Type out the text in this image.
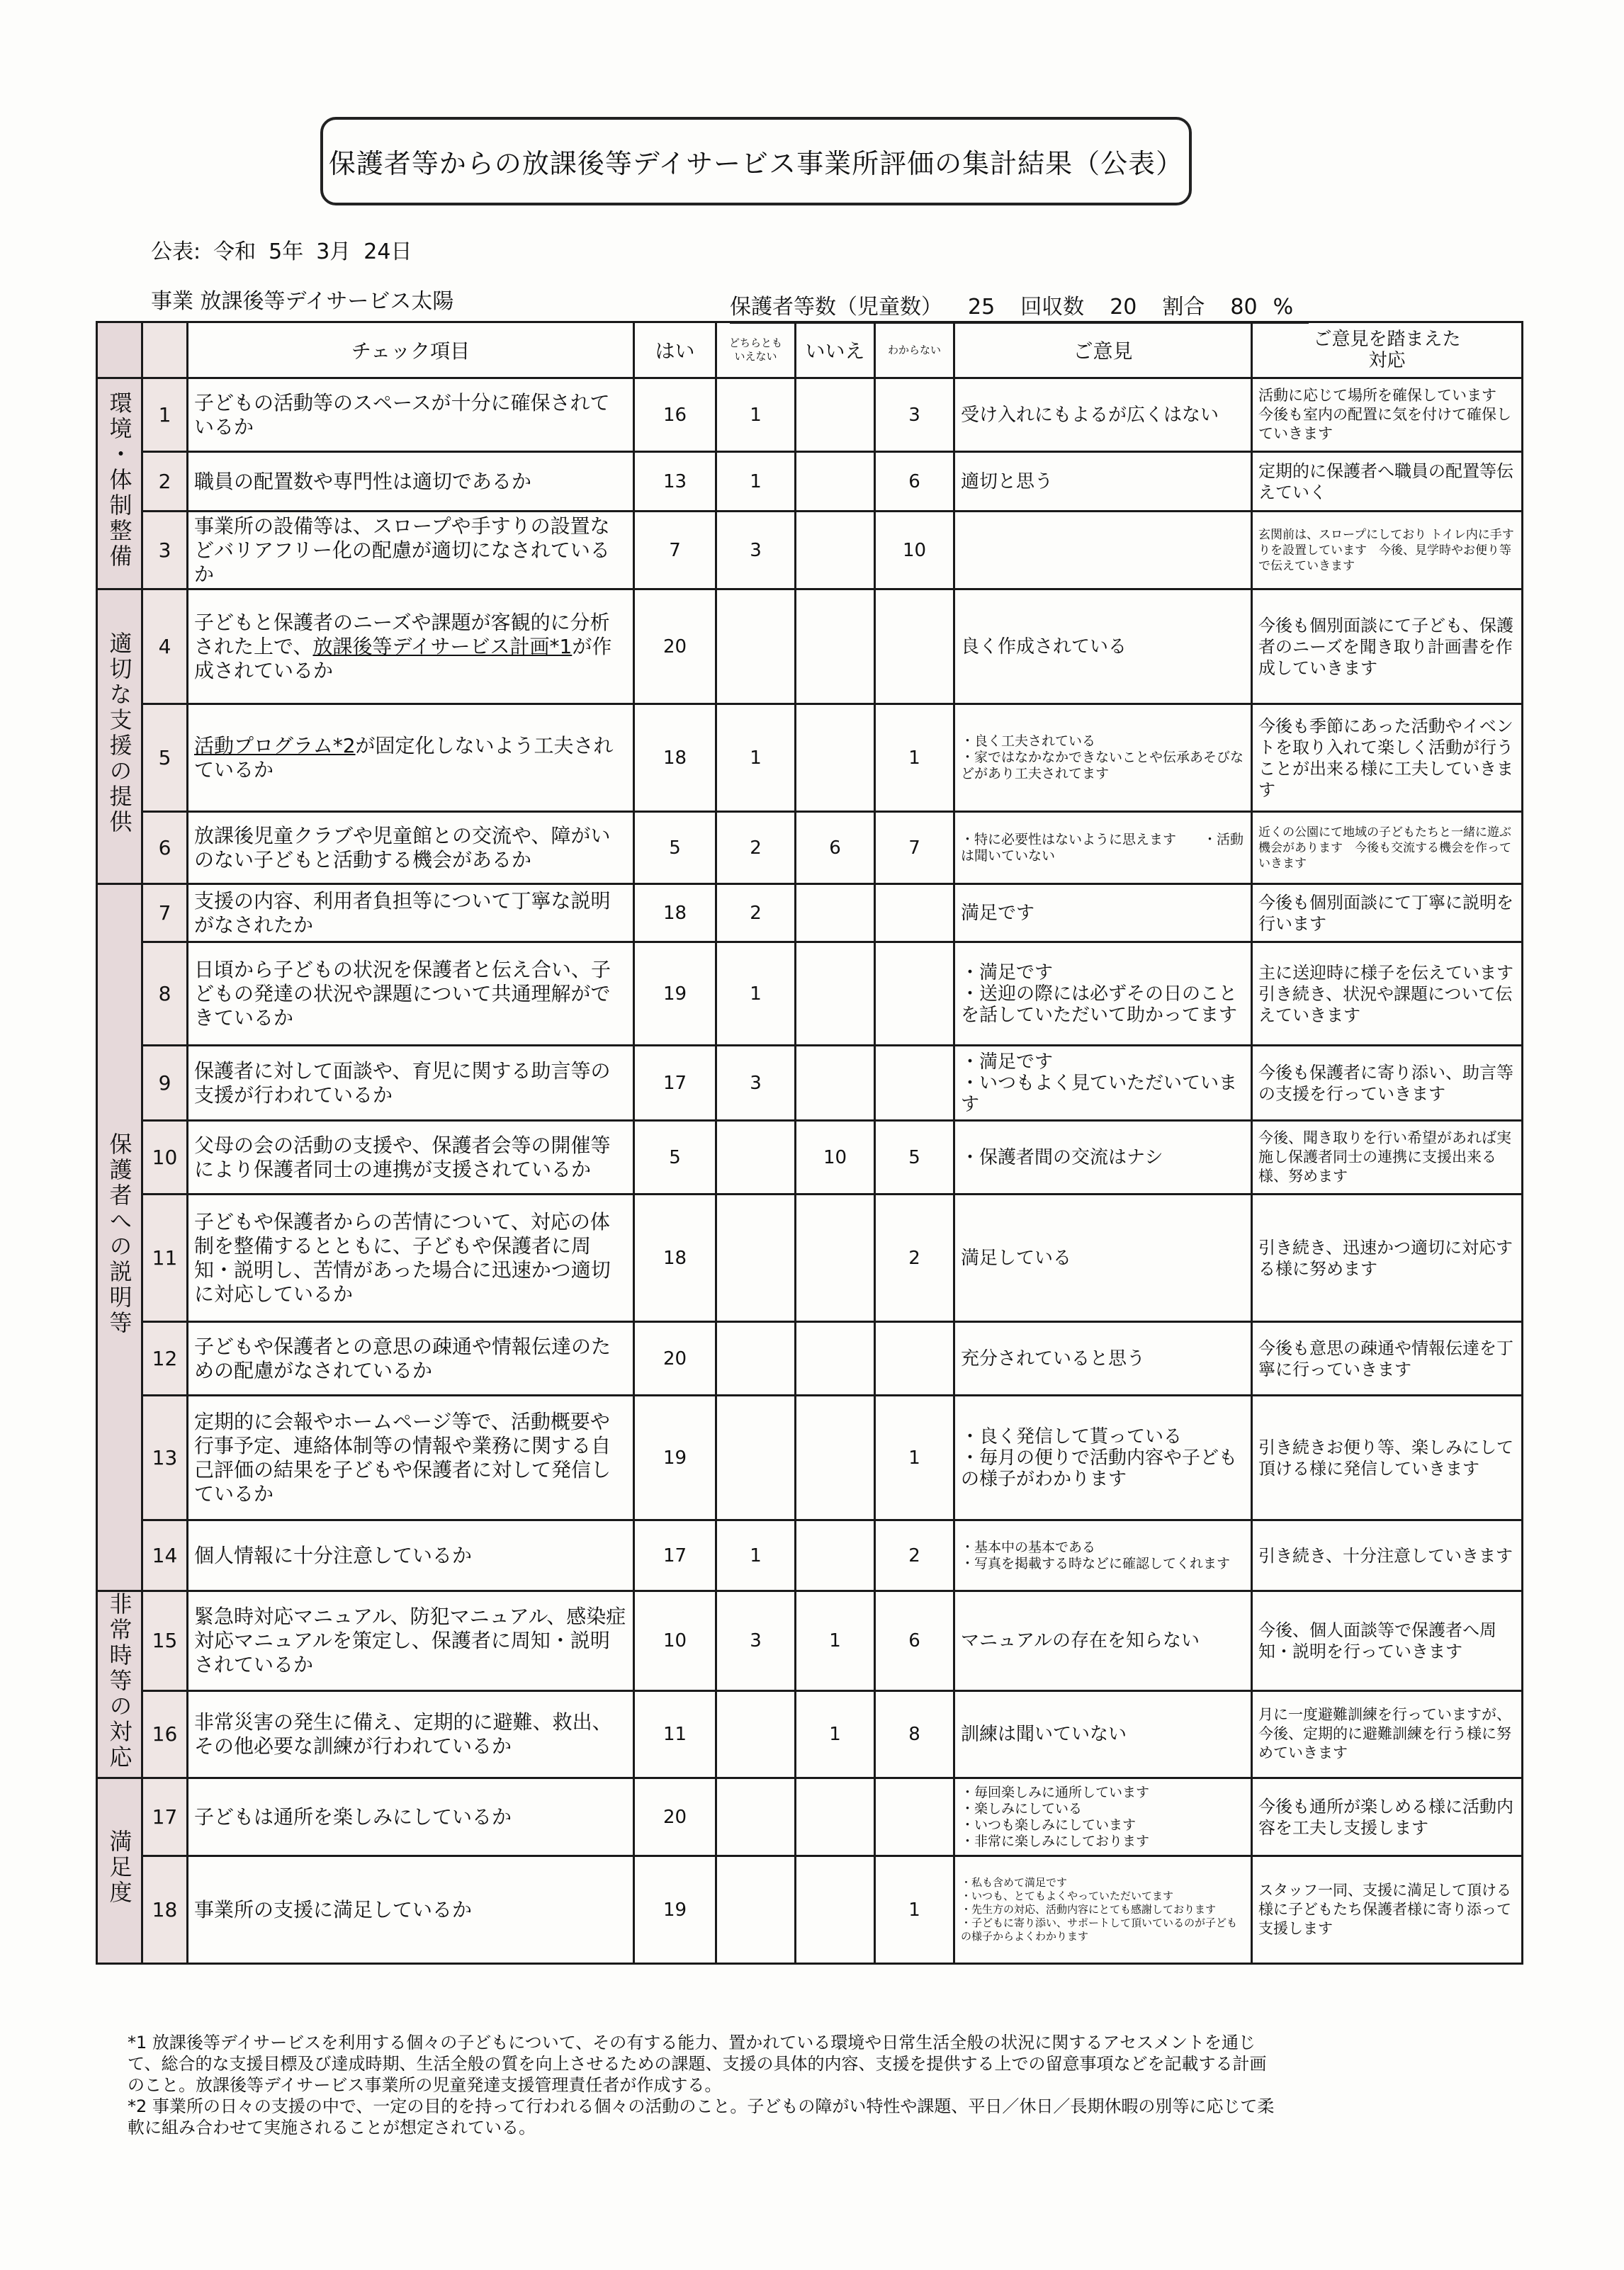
保護者等からの放課後等デイサービス事業所評価の集計結果（公表）
公表: 令和 5年 3月 24日
事業 放課後等デイサービス太陽	保護者等数（児童数） 25 回収数 20 割合 80 %
		チェック項目	はい	どちらとも
いえない	いいえ	わからない	ご意見	ご意見を踏まえた
対応
環境・体制整備	1	子どもの活動等のスペースが十分に確保されているか	16	1		3	受け入れにもよるが広くはない	活動に応じて場所を確保しています　今後も室内の配置に気を付けて確保していきます
	2	職員の配置数や専門性は適切であるか	13	1		6	適切と思う	定期的に保護者へ職員の配置等伝えていく
	3	事業所の設備等は、スロープや手すりの設置などバリアフリー化の配慮が適切になされているか	7	3		10		玄関前は、スロープにしており トイレ内に手すりを設置しています　今後、見学時やお便り等で伝えていきます
適切な支援の提供	4	子どもと保護者のニーズや課題が客観的に分析された上で、放課後等デイサービス計画*1が作成されているか	20				良く作成されている	今後も個別面談にて子ども、保護者のニーズを聞き取り計画書を作成していきます
	5	活動プログラム*2が固定化しないよう工夫されているか	18	1		1	・良く工夫されている
・家ではなかなかできないことや伝承あそびなどがあり工夫されてます	今後も季節にあった活動やイベントを取り入れて楽しく活動が行うことが出来る様に工夫していきます
	6	放課後児童クラブや児童館との交流や、障がいのない子どもと活動する機会があるか	5	2	6	7	・特に必要性はないように思えます　　・活動は聞いていない	近くの公園にて地域の子どもたちと一緒に遊ぶ機会があります　今後も交流する機会を作っていきます
保護者への説明等	7	支援の内容、利用者負担等について丁寧な説明がなされたか	18	2			満足です	今後も個別面談にて丁寧に説明を行います
	8	日頃から子どもの状況を保護者と伝え合い、子どもの発達の状況や課題について共通理解ができているか	19	1			・満足です
・送迎の際には必ずその日のことを話していただいて助かってます	主に送迎時に様子を伝えています　引き続き、状況や課題について伝えていきます
	9	保護者に対して面談や、育児に関する助言等の支援が行われているか	17	3			・満足です
・いつもよく見ていただいています	今後も保護者に寄り添い、助言等の支援を行っていきます
	10	父母の会の活動の支援や、保護者会等の開催等により保護者同士の連携が支援されているか	5		10	5	・保護者間の交流はナシ	今後、聞き取りを行い希望があれば実施し保護者同士の連携に支援出来る様、努めます
	11	子どもや保護者からの苦情について、対応の体制を整備するとともに、子どもや保護者に周知・説明し、苦情があった場合に迅速かつ適切に対応しているか	18			2	満足している	引き続き、迅速かつ適切に対応する様に努めます
	12	子どもや保護者との意思の疎通や情報伝達のための配慮がなされているか	20				充分されていると思う	今後も意思の疎通や情報伝達を丁寧に行っていきます
	13	定期的に会報やホームページ等で、活動概要や行事予定、連絡体制等の情報や業務に関する自己評価の結果を子どもや保護者に対して発信しているか	19			1	・良く発信して貰っている
・毎月の便りで活動内容や子どもの様子がわかります	引き続きお便り等、楽しみにして頂ける様に発信していきます
	14	個人情報に十分注意しているか	17	1		2	・基本中の基本である
・写真を掲載する時などに確認してくれます	引き続き、十分注意していきます
非常時等の対応	15	緊急時対応マニュアル、防犯マニュアル、感染症対応マニュアルを策定し、保護者に周知・説明されているか	10	3	1	6	マニュアルの存在を知らない	今後、個人面談等で保護者へ周知・説明を行っていきます
	16	非常災害の発生に備え、定期的に避難、救出、その他必要な訓練が行われているか	11		1	8	訓練は聞いていない	月に一度避難訓練を行っていますが、今後、定期的に避難訓練を行う様に努めていきます
満足度	17	子どもは通所を楽しみにしているか	20				・毎回楽しみに通所しています
・楽しみにしている
・いつも楽しみにしています
・非常に楽しみにしております	今後も通所が楽しめる様に活動内容を工夫し支援します
	18	事業所の支援に満足しているか	19			1	・私も含めて満足です
・いつも、とてもよくやっていただいてます
・先生方の対応、活動内容にとても感謝しております
・子どもに寄り添い、サポートして頂いているのが子どもの様子からよくわかります	スタッフ一同、支援に満足して頂ける様に子どもたち保護者様に寄り添って支援します

*1 放課後等デイサービスを利用する個々の子どもについて、その有する能力、置かれている環境や日常生活全般の状況に関するアセスメントを通じて、総合的な支援目標及び達成時期、生活全般の質を向上させるための課題、支援の具体的内容、支援を提供する上での留意事項などを記載する計画のこと。放課後等デイサービス事業所の児童発達支援管理責任者が作成する。

*2 事業所の日々の支援の中で、一定の目的を持って行われる個々の活動のこと。子どもの障がい特性や課題、平日／休日／長期休暇の別等に応じて柔軟に組み合わせて実施されることが想定されている。
